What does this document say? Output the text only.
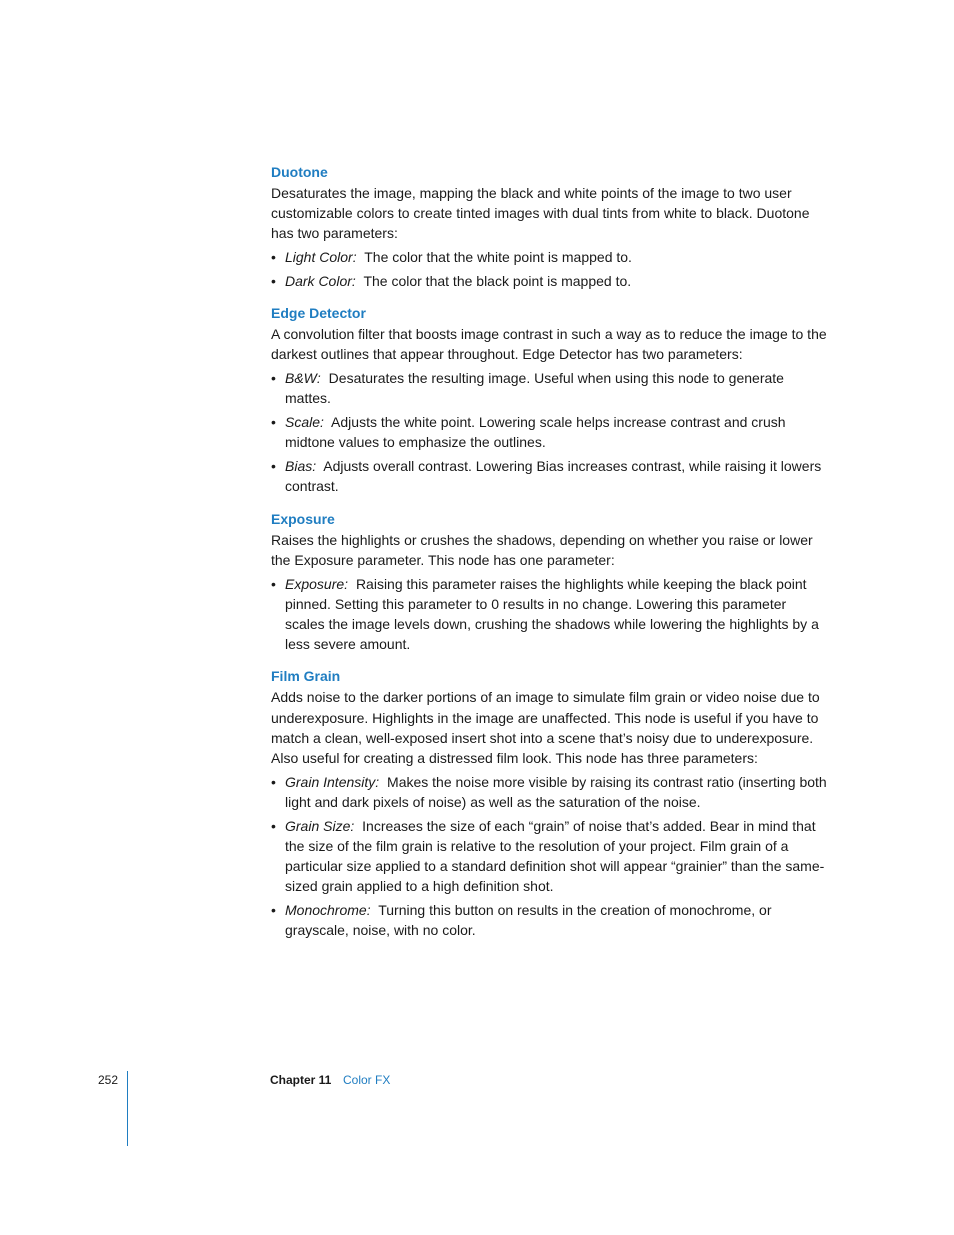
Duotone

Desaturates the image, mapping the black and white points of the image to two user customizable colors to create tinted images with dual tints from white to black. Duotone has two parameters:

• Light Color: The color that the white point is mapped to.
• Dark Color: The color that the black point is mapped to.
Edge Detector

A convolution filter that boosts image contrast in such a way as to reduce the image to the darkest outlines that appear throughout. Edge Detector has two parameters:

• B&W: Desaturates the resulting image. Useful when using this node to generate mattes.
• Scale: Adjusts the white point. Lowering scale helps increase contrast and crush midtone values to emphasize the outlines.
• Bias: Adjusts overall contrast. Lowering Bias increases contrast, while raising it lowers contrast.
Exposure

Raises the highlights or crushes the shadows, depending on whether you raise or lower the Exposure parameter. This node has one parameter:

• Exposure: Raising this parameter raises the highlights while keeping the black point pinned. Setting this parameter to 0 results in no change. Lowering this parameter scales the image levels down, crushing the shadows while lowering the highlights by a less severe amount.
Film Grain

Adds noise to the darker portions of an image to simulate film grain or video noise due to underexposure. Highlights in the image are unaffected. This node is useful if you have to match a clean, well-exposed insert shot into a scene that’s noisy due to underexposure. Also useful for creating a distressed film look. This node has three parameters:

• Grain Intensity: Makes the noise more visible by raising its contrast ratio (inserting both light and dark pixels of noise) as well as the saturation of the noise.
• Grain Size: Increases the size of each “grain” of noise that’s added. Bear in mind that the size of the film grain is relative to the resolution of your project. Film grain of a particular size applied to a standard definition shot will appear “grainier” than the same-sized grain applied to a high definition shot.
• Monochrome: Turning this button on results in the creation of monochrome, or grayscale, noise, with no color.
252	Chapter 11 Color FX
